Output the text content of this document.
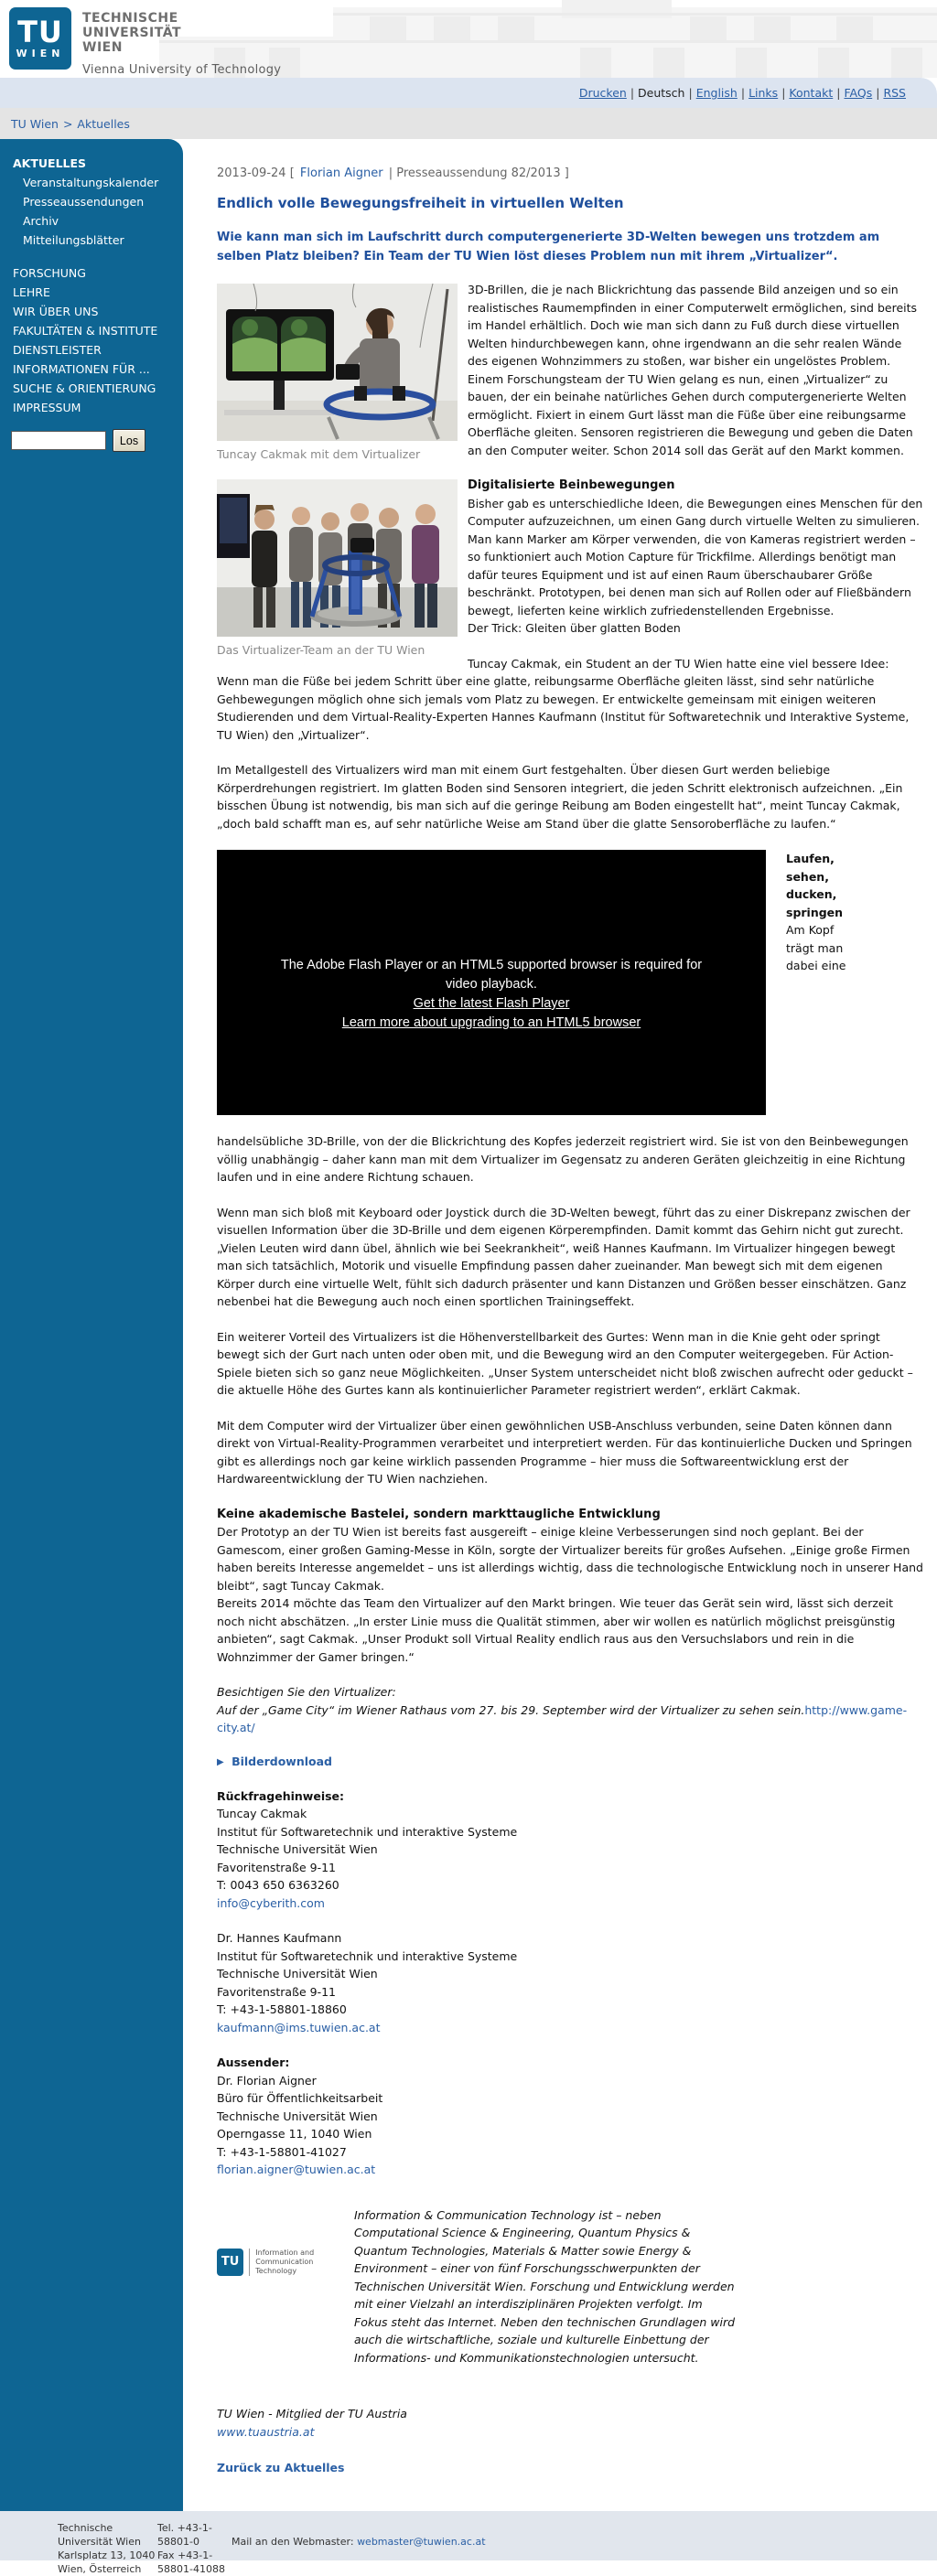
TU
WIEN
TECHNISCHE
UNIVERSITÄT
WIEN
Vienna University of Technology
Drucken | Deutsch | English | Links | Kontakt | FAQs | RSS
TU Wien > Aktuelles
AKTUELLES
Veranstaltungskalender
Presseaussendungen
Archiv
Mitteilungsblätter
FORSCHUNG
LEHRE
WIR ÜBER UNS
FAKULTÄTEN & INSTITUTE
DIENSTLEISTER
INFORMATIONEN FÜR ...
SUCHE & ORIENTIERUNG
IMPRESSUM
Los

2013-09-24 [ Florian Aigner | Presseaussendung 82/2013 ]

Endlich volle Bewegungsfreiheit in virtuellen Welten

Wie kann man sich im Laufschritt durch computergenerierte 3D-Welten bewegen uns trotzdem am selben Platz bleiben? Ein Team der TU Wien löst dieses Problem nun mit ihrem „Virtualizer“.

Tuncay Cakmak mit dem Virtualizer

3D-Brillen, die je nach Blickrichtung das passende Bild anzeigen und so ein realistisches Raumempfinden in einer Computerwelt ermöglichen, sind bereits im Handel erhältlich. Doch wie man sich dann zu Fuß durch diese virtuellen Welten hindurchbewegen kann, ohne irgendwann an die sehr realen Wände des eigenen Wohnzimmers zu stoßen, war bisher ein ungelöstes Problem. Einem Forschungsteam der TU Wien gelang es nun, einen „Virtualizer“ zu bauen, der ein beinahe natürliches Gehen durch computergenerierte Welten ermöglicht. Fixiert in einem Gurt lässt man die Füße über eine reibungsarme Oberfläche gleiten. Sensoren registrieren die Bewegung und geben die Daten an den Computer weiter. Schon 2014 soll das Gerät auf den Markt kommen.

Das Virtualizer-Team an der TU Wien
Digitalisierte Beinbewegungen

Bisher gab es unterschiedliche Ideen, die Bewegungen eines Menschen für den Computer aufzuzeichnen, um einen Gang durch virtuelle Welten zu simulieren. Man kann Marker am Körper verwenden, die von Kameras registriert werden – so funktioniert auch Motion Capture für Trickfilme. Allerdings benötigt man dafür teures Equipment und ist auf einen Raum überschaubarer Größe beschränkt. Prototypen, bei denen man sich auf Rollen oder auf Fließbändern bewegt, lieferten keine wirklich zufriedenstellenden Ergebnisse.

Der Trick: Gleiten über glatten Boden

Tuncay Cakmak, ein Student an der TU Wien hatte eine viel bessere Idee: Wenn man die Füße bei jedem Schritt über eine glatte, reibungsarme Oberfläche gleiten lässt, sind sehr natürliche Gehbewegungen möglich ohne sich jemals vom Platz zu bewegen. Er entwickelte gemeinsam mit einigen weiteren Studierenden und dem Virtual-Reality-Experten Hannes Kaufmann (Institut für Softwaretechnik und Interaktive Systeme, TU Wien) den „Virtualizer“.

Im Metallgestell des Virtualizers wird man mit einem Gurt festgehalten. Über diesen Gurt werden beliebige Körperdrehungen registriert. Im glatten Boden sind Sensoren integriert, die jeden Schritt elektronisch aufzeichnen. „Ein bisschen Übung ist notwendig, bis man sich auf die geringe Reibung am Boden eingestellt hat“, meint Tuncay Cakmak, „doch bald schafft man es, auf sehr natürliche Weise am Stand über die glatte Sensoroberfläche zu laufen.“

The Adobe Flash Player or an HTML5 supported browser is required for video playback.
Get the latest Flash Player
Learn more about upgrading to an HTML5 browser
Laufen,
sehen,
ducken,
springen
Am Kopf
trägt man
dabei eine

handelsübliche 3D-Brille, von der die Blickrichtung des Kopfes jederzeit registriert wird. Sie ist von den Beinbewegungen völlig unabhängig – daher kann man mit dem Virtualizer im Gegensatz zu anderen Geräten gleichzeitig in eine Richtung laufen und in eine andere Richtung schauen.

Wenn man sich bloß mit Keyboard oder Joystick durch die 3D-Welten bewegt, führt das zu einer Diskrepanz zwischen der visuellen Information über die 3D-Brille und dem eigenen Körperempfinden. Damit kommt das Gehirn nicht gut zurecht. „Vielen Leuten wird dann übel, ähnlich wie bei Seekrankheit“, weiß Hannes Kaufmann. Im Virtualizer hingegen bewegt man sich tatsächlich, Motorik und visuelle Empfindung passen daher zueinander. Man bewegt sich mit dem eigenen Körper durch eine virtuelle Welt, fühlt sich dadurch präsenter und kann Distanzen und Größen besser einschätzen. Ganz nebenbei hat die Bewegung auch noch einen sportlichen Trainingseffekt.

Ein weiterer Vorteil des Virtualizers ist die Höhenverstellbarkeit des Gurtes: Wenn man in die Knie geht oder springt bewegt sich der Gurt nach unten oder oben mit, und die Bewegung wird an den Computer weitergegeben. Für Action-Spiele bieten sich so ganz neue Möglichkeiten. „Unser System unterscheidet nicht bloß zwischen aufrecht oder geduckt – die aktuelle Höhe des Gurtes kann als kontinuierlicher Parameter registriert werden“, erklärt Cakmak.

Mit dem Computer wird der Virtualizer über einen gewöhnlichen USB-Anschluss verbunden, seine Daten können dann direkt von Virtual-Reality-Programmen verarbeitet und interpretiert werden. Für das kontinuierliche Ducken und Springen gibt es allerdings noch gar keine wirklich passenden Programme – hier muss die Softwareentwicklung erst der Hardwareentwicklung der TU Wien nachziehen.

Keine akademische Bastelei, sondern markttaugliche Entwicklung

Der Prototyp an der TU Wien ist bereits fast ausgereift – einige kleine Verbesserungen sind noch geplant. Bei der Gamescom, einer großen Gaming-Messe in Köln, sorgte der Virtualizer bereits für großes Aufsehen. „Einige große Firmen haben bereits Interesse angemeldet – uns ist allerdings wichtig, dass die technologische Entwicklung noch in unserer Hand bleibt“, sagt Tuncay Cakmak.

Bereits 2014 möchte das Team den Virtualizer auf den Markt bringen. Wie teuer das Gerät sein wird, lässt sich derzeit noch nicht abschätzen. „In erster Linie muss die Qualität stimmen, aber wir wollen es natürlich möglichst preisgünstig anbieten“, sagt Cakmak. „Unser Produkt soll Virtual Reality endlich raus aus den Versuchslabors und rein in die Wohnzimmer der Gamer bringen.“

Besichtigen Sie den Virtualizer:
Auf der „Game City“ im Wiener Rathaus vom 27. bis 29. September wird der Virtualizer zu sehen sein.http://www.game-city.at/
▶ Bilderdownload
Rückfragehinweise:
Tuncay Cakmak
Institut für Softwaretechnik und interaktive Systeme
Technische Universität Wien
Favoritenstraße 9-11
T: 0043 650 6363260
info@cyberith.com
Dr. Hannes Kaufmann
Institut für Softwaretechnik und interaktive Systeme
Technische Universität Wien
Favoritenstraße 9-11
T: +43-1-58801-18860
kaufmann@ims.tuwien.ac.at
Aussender:
Dr. Florian Aigner
Büro für Öffentlichkeitsarbeit
Technische Universität Wien
Operngasse 11, 1040 Wien
T: +43-1-58801-41027
florian.aigner@tuwien.ac.at
TU
Information and
Communication Technology
Information & Communication Technology ist – neben Computational Science & Engineering, Quantum Physics & Quantum Technologies, Materials & Matter sowie Energy & Environment – einer von fünf Forschungsschwerpunkten der Technischen Universität Wien. Forschung und Entwicklung werden mit einer Vielzahl an interdisziplinären Projekten verfolgt. Im Fokus steht das Internet. Neben den technischen Grundlagen wird auch die wirtschaftliche, soziale und kulturelle Einbettung der Informations- und Kommunikationstechnologien untersucht.
TU Wien - Mitglied der TU Austria
www.tuaustria.at
Zurück zu Aktuelles
Technische Universität Wien
Karlsplatz 13, 1040 Wien, Österreich
Tel. +43-1-58801-0
Fax +43-1-58801-41088
Mail an den Webmaster: webmaster@tuwien.ac.at
